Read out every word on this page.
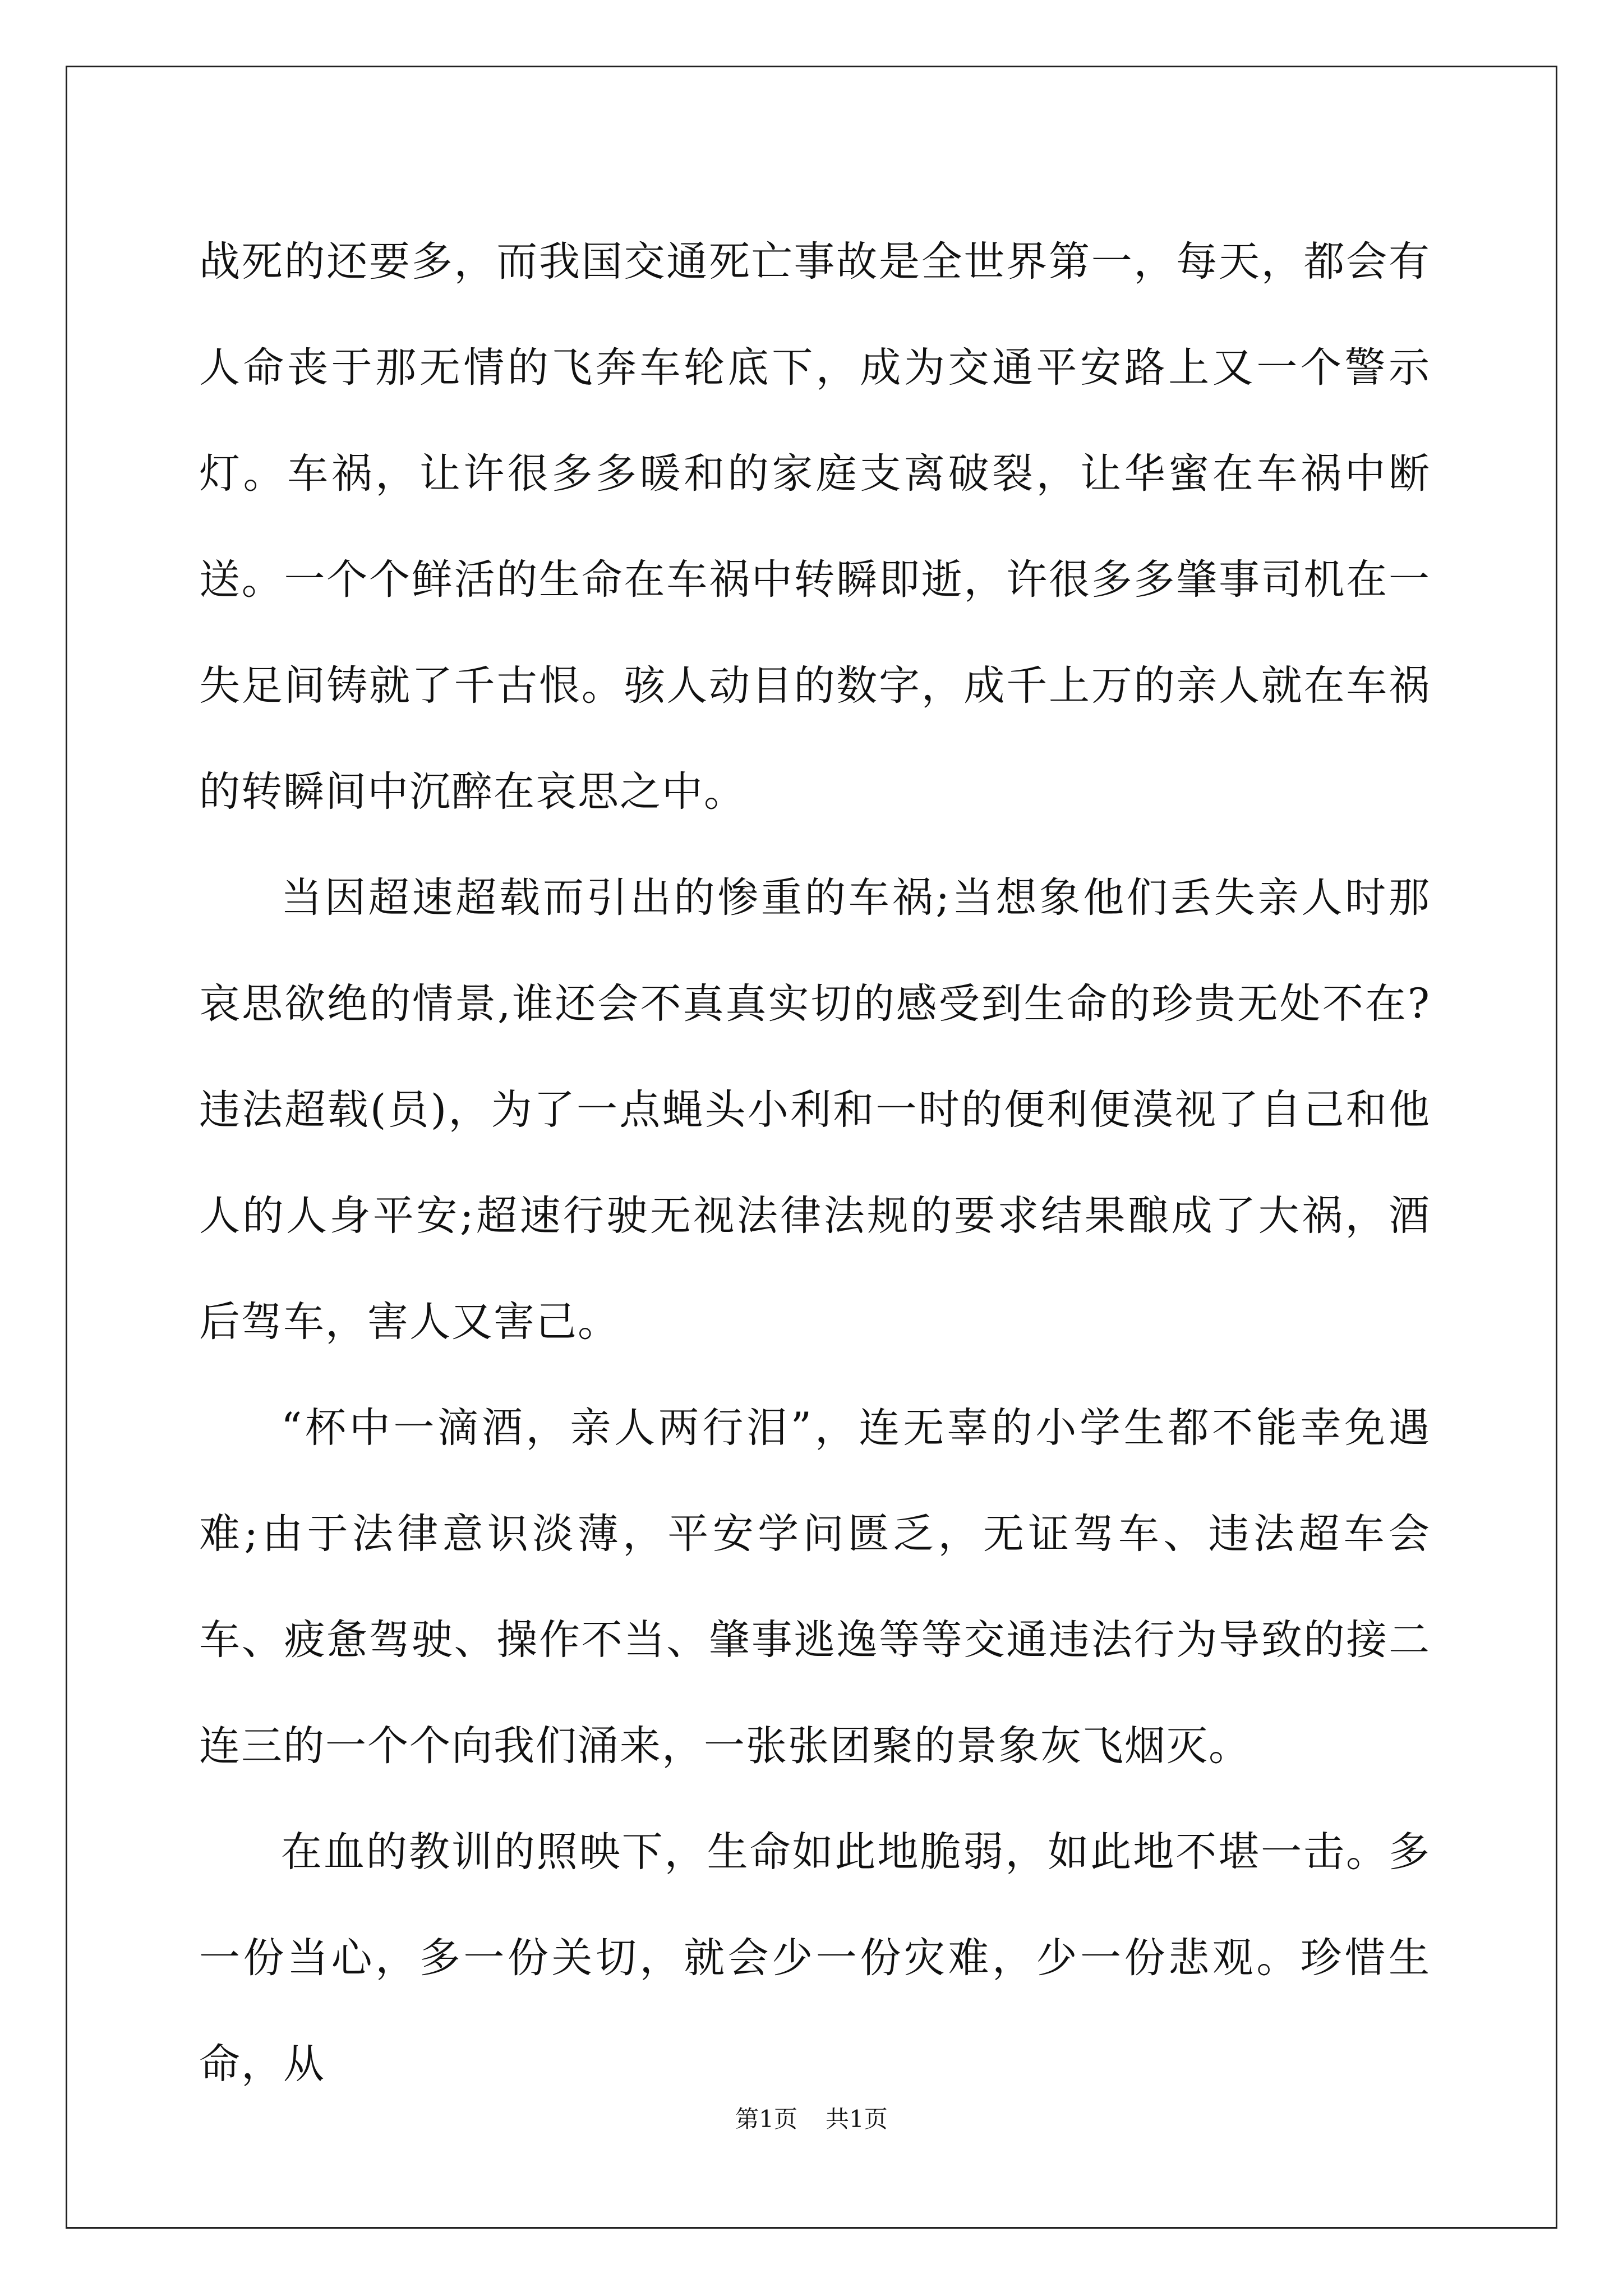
战死的还要多，而我国交通死亡事故是全世界第一，每天，都会有人命丧于那无情的飞奔车轮底下，成为交通平安路上又一个警示灯。车祸，让许很多多暖和的家庭支离破裂，让华蜜在车祸中断送。一个个鲜活的生命在车祸中转瞬即逝，许很多多肇事司机在一失足间铸就了千古恨。骇人动目的数字，成千上万的亲人就在车祸的转瞬间中沉醉在哀思之中。

当因超速超载而引出的惨重的车祸;当想象他们丢失亲人时那哀思欲绝的情景,谁还会不真真实切的感受到生命的珍贵无处不在?违法超载(员)，为了一点蝇头小利和一时的便利便漠视了自己和他人的人身平安;超速行驶无视法律法规的要求结果酿成了大祸，酒后驾车，害人又害己。

“杯中一滴酒，亲人两行泪”，连无辜的小学生都不能幸免遇难;由于法律意识淡薄，平安学问匮乏，无证驾车、违法超车会车、疲惫驾驶、操作不当、肇事逃逸等等交通违法行为导致的接二连三的一个个向我们涌来，一张张团聚的景象灰飞烟灭。

在血的教训的照映下，生命如此地脆弱，如此地不堪一击。多一份当心，多一份关切，就会少一份灾难，少一份悲观。珍惜生命，从

第1页 共1页
